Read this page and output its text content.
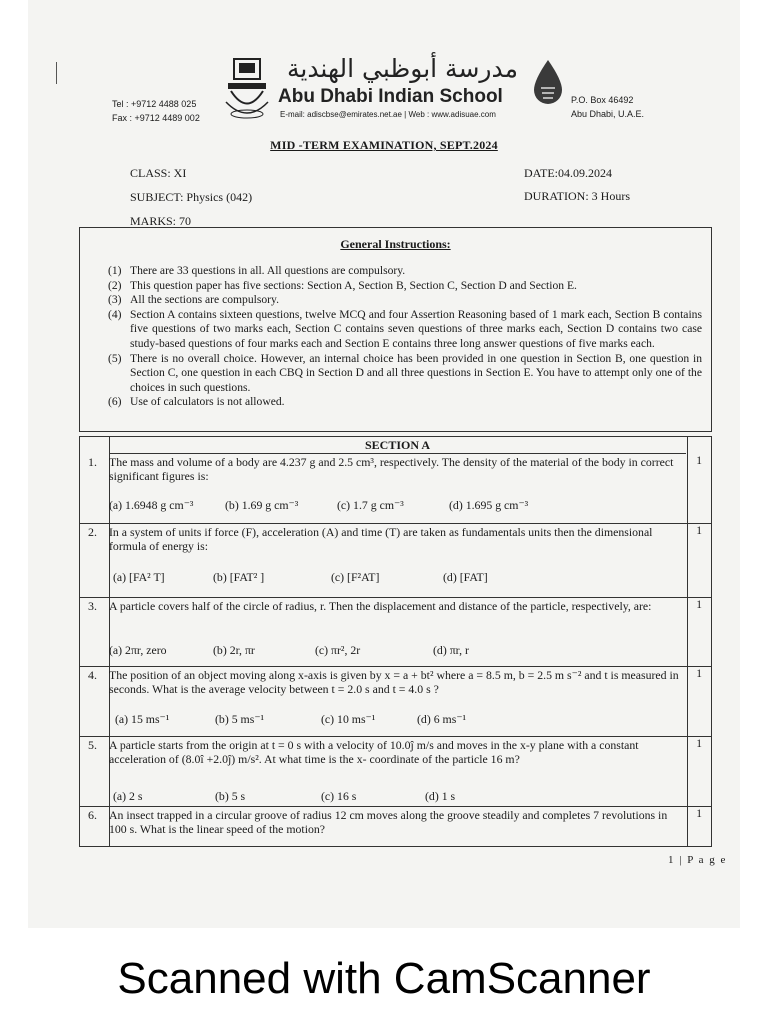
مدرسة أبوظبي الهندية
Abu Dhabi Indian School
E-mail: adiscbse@emirates.net.ae | Web : www.adisuae.com
Tel : +9712 4488 025
Fax : +9712 4489 002
P.O. Box 46492
Abu Dhabi, U.A.E.
MID -TERM EXAMINATION, SEPT.2024
CLASS: XI	DATE:04.09.2024
SUBJECT: Physics (042)	DURATION: 3 Hours
MARKS: 70
General Instructions:
(1) There are 33 questions in all. All questions are compulsory.
(2) This question paper has five sections: Section A, Section B, Section C, Section D and Section E.
(3) All the sections are compulsory.
(4) Section A contains sixteen questions, twelve MCQ and four Assertion Reasoning based of 1 mark each, Section B contains five questions of two marks each, Section C contains seven questions of three marks each, Section D contains two case study-based questions of four marks each and Section E contains three long answer questions of five marks each.
(5) There is no overall choice. However, an internal choice has been provided in one question in Section B, one question in Section C, one question in each CBQ in Section D and all three questions in Section E. You have to attempt only one of the choices in such questions.
(6) Use of calculators is not allowed.
SECTION A
1. The mass and volume of a body are 4.237 g and 2.5 cm³, respectively. The density of the material of the body in correct significant figures is:
1
(a) 1.6948 g cm⁻³	(b) 1.69 g cm⁻³	(c) 1.7 g cm⁻³	(d) 1.695 g cm⁻³
2. In a system of units if force (F), acceleration (A) and time (T) are taken as fundamentals units then the dimensional formula of energy is:
1
(a) [FA² T]	(b) [FAT² ]	(c) [F²AT]	(d) [FAT]
3. A particle covers half of the circle of radius, r. Then the displacement and distance of the particle, respectively, are:	1
(a) 2πr, zero	(b) 2r, πr	(c) πr², 2r	(d) πr, r
4. The position of an object moving along x-axis is given by x = a + bt² where a = 8.5 m, b = 2.5 m s⁻² and t is measured in seconds. What is the average velocity between t = 2.0 s and t = 4.0 s ?
1
(a) 15 ms⁻¹	(b) 5 ms⁻¹	(c) 10 ms⁻¹	(d) 6 ms⁻¹
5. A particle starts from the origin at t = 0 s with a velocity of 10.0ĵ m/s and moves in the x-y plane with a constant acceleration of (8.0î +2.0ĵ) m/s². At what time is the x- coordinate of the particle 16 m?
1
(a) 2 s	(b) 5 s	(c) 16 s	(d) 1 s
6. An insect trapped in a circular groove of radius 12 cm moves along the groove steadily and completes 7 revolutions in 100 s. What is the linear speed of the motion?
1
1 | P a g e
Scanned with CamScanner
